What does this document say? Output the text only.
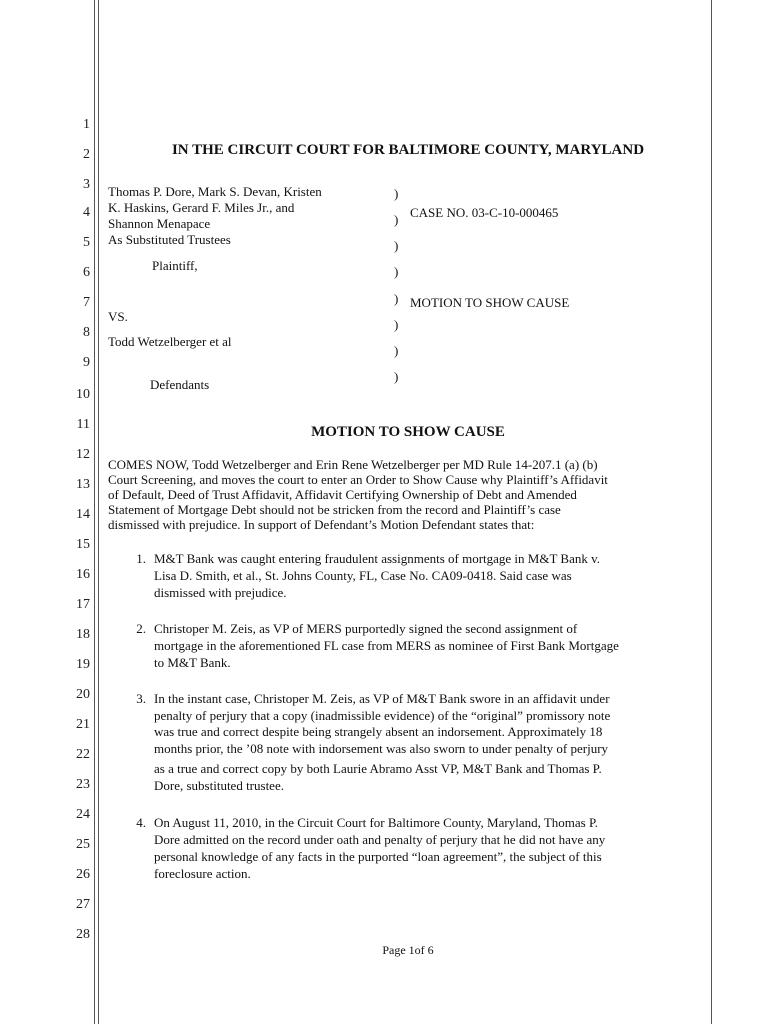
1
2
3
4
5
6
7
8
9
10
11
12
13
14
15
16
17
18
19
20
21
22
23
24
25
26
27
28
IN THE CIRCUIT COURT FOR BALTIMORE COUNTY, MARYLAND
Thomas P. Dore, Mark S. Devan, Kristen
K. Haskins, Gerard F. Miles Jr., and
Shannon Menapace
As Substituted Trustees
Plaintiff,
VS.
Todd Wetzelberger et al
Defendants
)
)
)
)
)
)
)
)
CASE NO. 03-C-10-000465
MOTION TO SHOW CAUSE
MOTION TO SHOW CAUSE
COMES NOW, Todd Wetzelberger and Erin Rene Wetzelberger per MD Rule 14-207.1 (a) (b)
Court Screening, and moves the court to enter an Order to Show Cause why Plaintiff’s Affidavit
of Default, Deed of Trust Affidavit, Affidavit Certifying Ownership of Debt and Amended
Statement of Mortgage Debt should not be stricken from the record and Plaintiff’s case
dismissed with prejudice. In support of Defendant’s Motion Defendant states that:
1. M&T Bank was caught entering fraudulent assignments of mortgage in M&T Bank v.
Lisa D. Smith, et al., St. Johns County, FL, Case No. CA09-0418. Said case was
dismissed with prejudice.
2. Christoper M. Zeis, as VP of MERS purportedly signed the second assignment of
mortgage in the aforementioned FL case from MERS as nominee of First Bank Mortgage
to M&T Bank.
3. In the instant case, Christoper M. Zeis, as VP of M&T Bank swore in an affidavit under
penalty of perjury that a copy (inadmissible evidence) of the “original” promissory note
was true and correct despite being strangely absent an indorsement. Approximately 18
months prior, the ’08 note with indorsement was also sworn to under penalty of perjury
as a true and correct copy by both Laurie Abramo Asst VP, M&T Bank and Thomas P.
Dore, substituted trustee.
4. On August 11, 2010, in the Circuit Court for Baltimore County, Maryland, Thomas P.
Dore admitted on the record under oath and penalty of perjury that he did not have any
personal knowledge of any facts in the purported “loan agreement”, the subject of this
foreclosure action.
Page 1of 6
